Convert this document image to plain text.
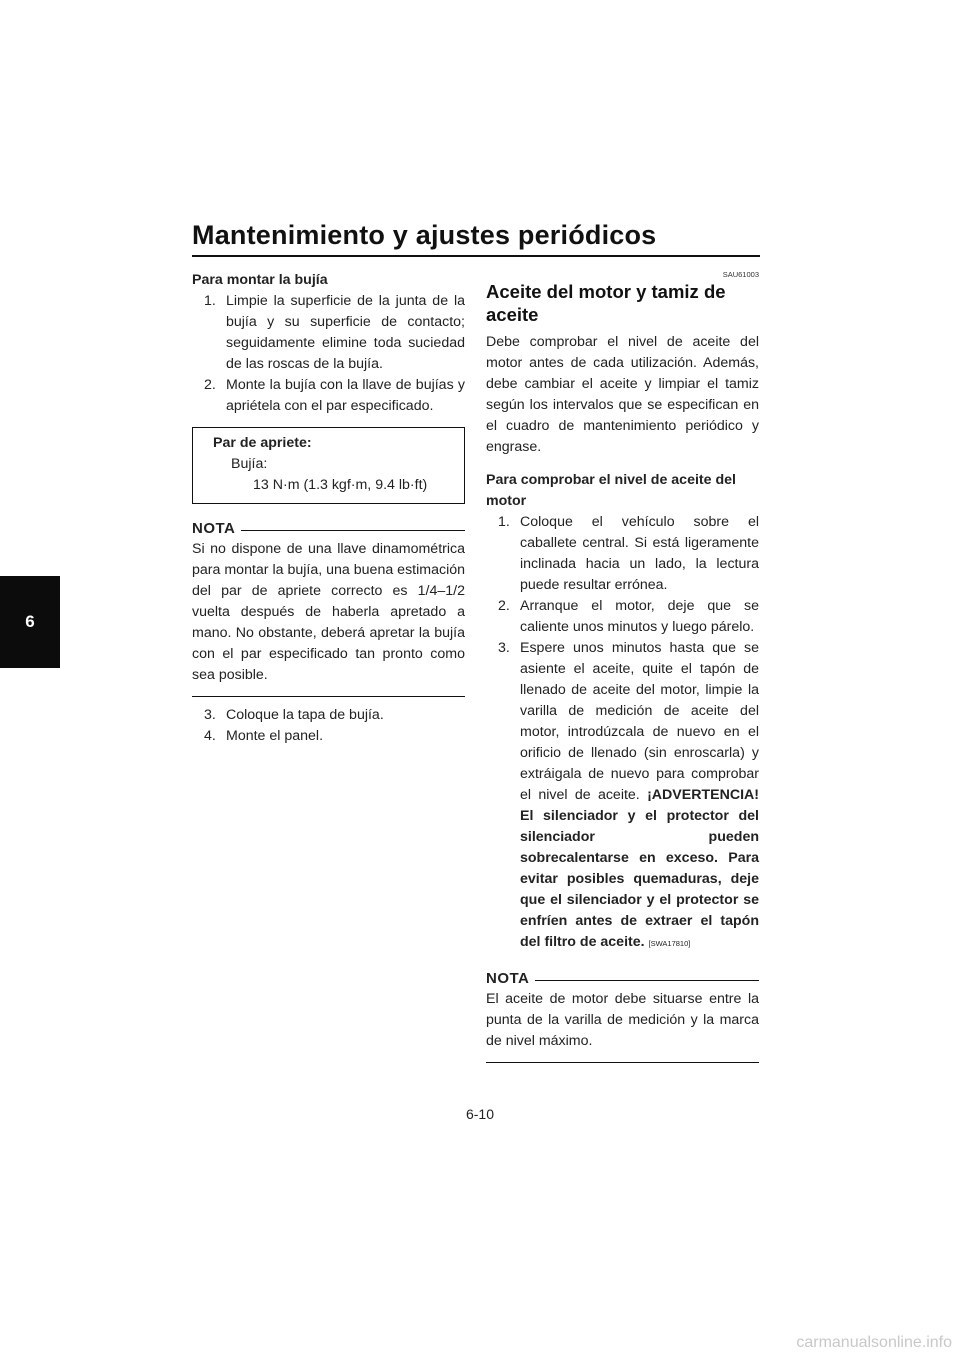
Mantenimiento y ajustes periódicos
6

Para montar la bujía

1. Limpie la superficie de la junta de la bujía y su superficie de contacto; seguidamente elimine toda suciedad de las roscas de la bujía.
2. Monte la bujía con la llave de bujías y apriétela con el par especificado.
Par de apriete:
Bujía:
13 N·m (1.3 kgf·m, 9.4 lb·ft)
NOTA

Si no dispone de una llave dinamométrica para montar la bujía, una buena estimación del par de apriete correcto es 1/4–1/2 vuelta después de haberla apretado a mano. No obstante, deberá apretar la bujía con el par especificado tan pronto como sea posible.

3. Coloque la tapa de bujía.
4. Monte el panel.
SAU61003

Aceite del motor y tamiz de aceite

Debe comprobar el nivel de aceite del motor antes de cada utilización. Además, debe cambiar el aceite y limpiar el tamiz según los intervalos que se especifican en el cuadro de mantenimiento periódico y engrase.

Para comprobar el nivel de aceite del motor

1. Coloque el vehículo sobre el caballete central. Si está ligeramente inclinada hacia un lado, la lectura puede resultar errónea.
2. Arranque el motor, deje que se caliente unos minutos y luego párelo.
3. Espere unos minutos hasta que se asiente el aceite, quite el tapón de llenado de aceite del motor, limpie la varilla de medición de aceite del motor, introdúzcala de nuevo en el orificio de llenado (sin enroscarla) y extráigala de nuevo para comprobar el nivel de aceite. ¡ADVERTENCIA! El silenciador y el protector del silenciador pueden sobrecalentarse en exceso. Para evitar posibles quemaduras, deje que el silenciador y el protector se enfríen antes de extraer el tapón del filtro de aceite. [SWA17810]
NOTA

El aceite de motor debe situarse entre la punta de la varilla de medición y la marca de nivel máximo.

6-10
carmanualsonline.info
